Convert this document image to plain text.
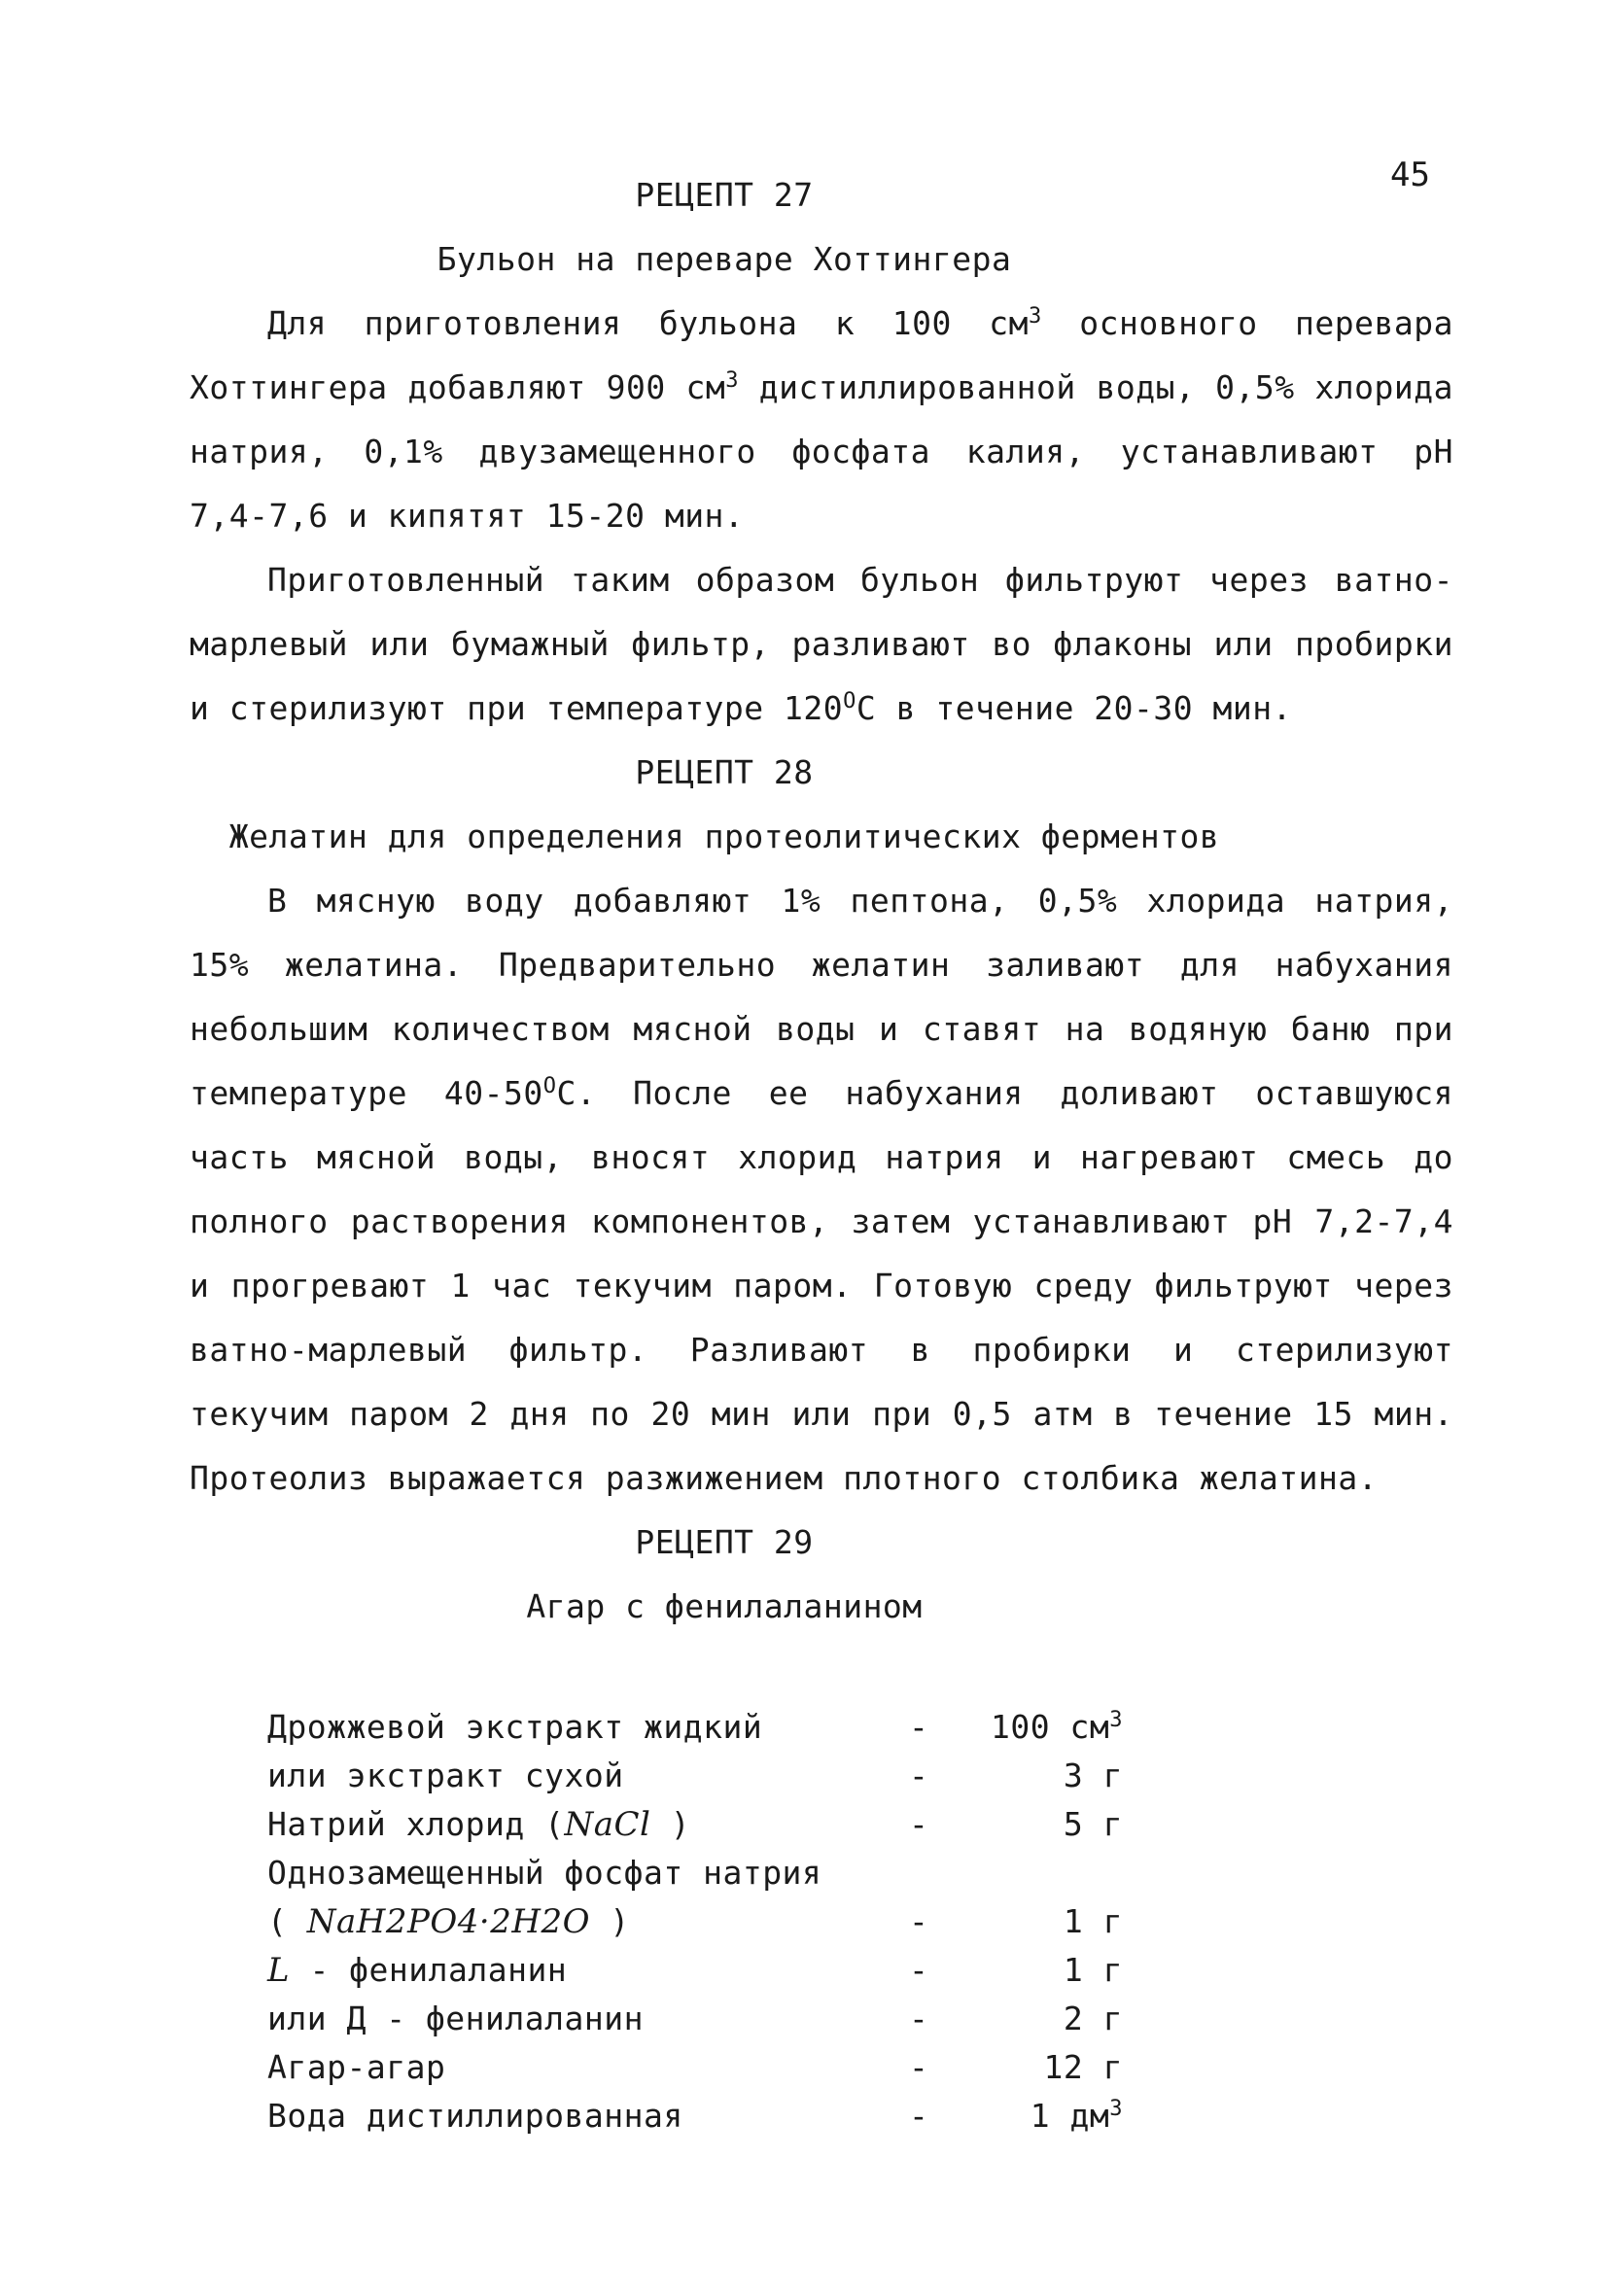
45
РЕЦЕПТ 27
Бульон на переваре Хоттингера

Для приготовления бульона к 100 $см^3$ основного перевара Хоттингера добавляют 900 $см^3$ дистиллированной воды, 0,5% хлорида натрия, 0,1% двузамещенного фосфата калия, устанавливают рН 7,4-7,6 и кипятят 15-20 мин.

Приготовленный таким образом бульон фильтруют через ватно-марлевый или бумажный фильтр, разливают во флаконы или пробирки и стерилизуют при температуре $120^ОС$ в течение 20-30 мин.

РЕЦЕПТ 28
Желатин для определения протеолитических ферментов

В мясную воду добавляют 1% пептона, 0,5% хлорида натрия, 15% желатина. Предварительно желатин заливают для набухания небольшим количеством мясной воды и ставят на водяную баню при температуре $40-50^ОС$. После ее набухания доливают оставшуюся часть мясной воды, вносят хлорид натрия и нагревают смесь до полного растворения компонентов, затем устанавливают рН 7,2-7,4 и прогревают 1 час текучим паром. Готовую среду фильтруют через ватно-марлевый фильтр. Разливают в пробирки и стерилизуют текучим паром 2 дня по 20 мин или при 0,5 атм в течение 15 мин. Протеолиз выражается разжижением плотного столбика желатина.

РЕЦЕПТ 29
Агар с фенилаланином
Дрожжевой экстракт жидкий	-	100 $см^3$
или экстракт сухой	-	3 г
Натрий хлорид (NaCl )	-	5 г
Однозамещенный фосфат натрия
( NaH2PO4·2H2O )	-	1 г
L - фенилаланин	-	1 г
или Д - фенилаланин	-	2 г
Агар-агар	-	12 г
Вода дистиллированная	-	1 $дм^3$
